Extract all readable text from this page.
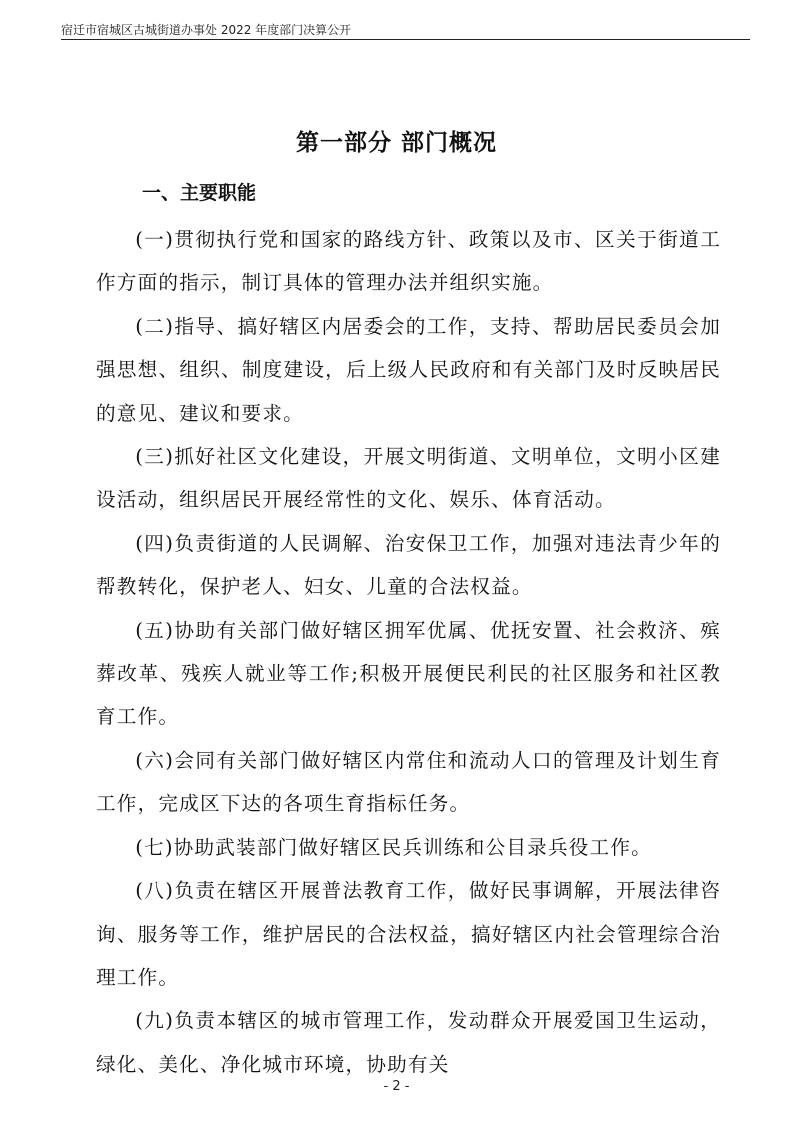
宿迁市宿城区古城街道办事处 2022 年度部门决算公开
第一部分 部门概况
一、主要职能

(一)贯彻执行党和国家的路线方针、政策以及市、区关于街道工作方面的指示，制订具体的管理办法并组织实施。

(二)指导、搞好辖区内居委会的工作，支持、帮助居民委员会加强思想、组织、制度建设，后上级人民政府和有关部门及时反映居民的意见、建议和要求。

(三)抓好社区文化建设，开展文明街道、文明单位，文明小区建设活动，组织居民开展经常性的文化、娱乐、体育活动。

(四)负责街道的人民调解、治安保卫工作，加强对违法青少年的帮教转化，保护老人、妇女、儿童的合法权益。

(五)协助有关部门做好辖区拥军优属、优抚安置、社会救济、殡葬改革、残疾人就业等工作;积极开展便民利民的社区服务和社区教育工作。

(六)会同有关部门做好辖区内常住和流动人口的管理及计划生育工作，完成区下达的各项生育指标任务。

(七)协助武装部门做好辖区民兵训练和公目录兵役工作。

(八)负责在辖区开展普法教育工作，做好民事调解，开展法律咨询、服务等工作，维护居民的合法权益，搞好辖区内社会管理综合治理工作。

(九)负责本辖区的城市管理工作，发动群众开展爱国卫生运动，绿化、美化、净化城市环境，协助有关

- 2 -
